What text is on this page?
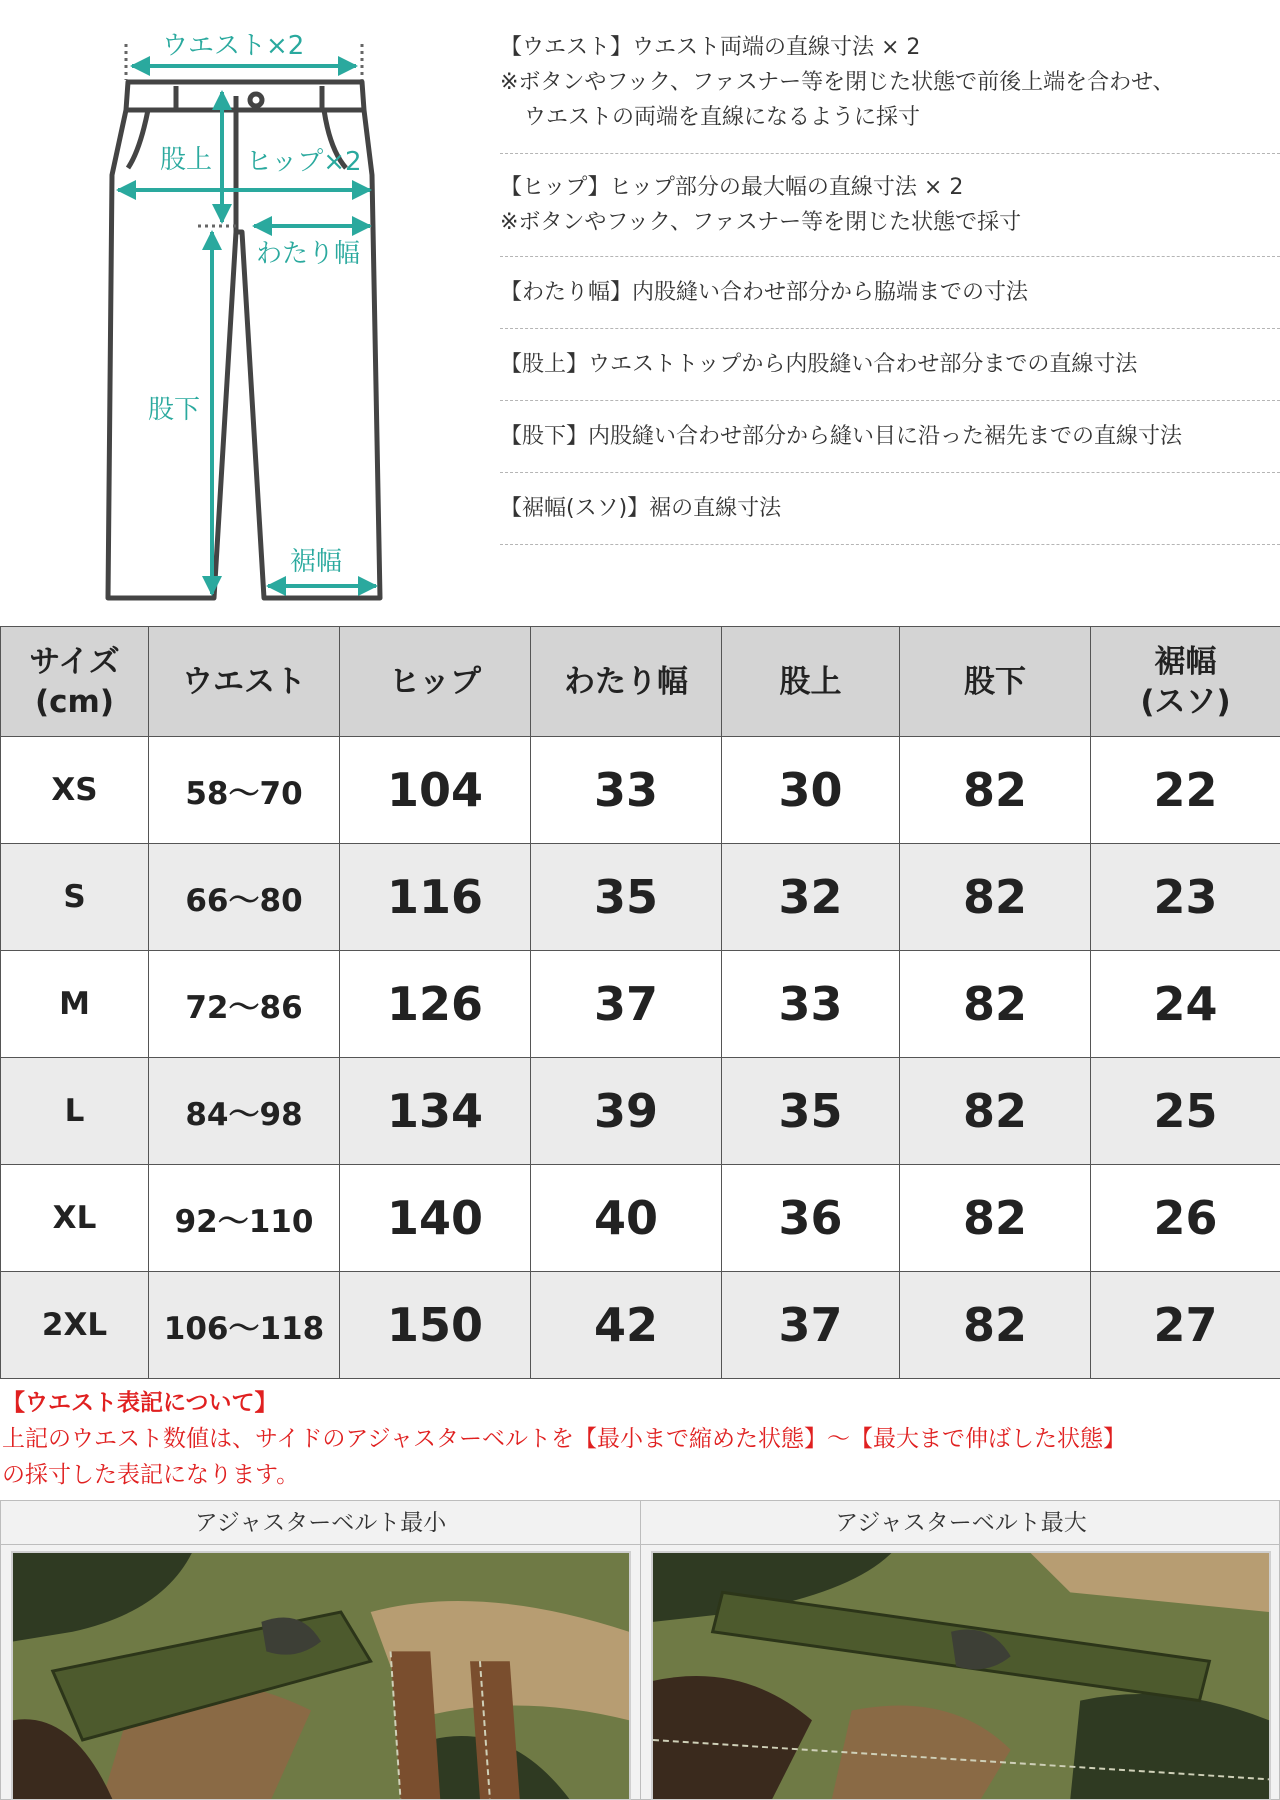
ウエスト×2
股上 ヒップ×2
わたり幅
股下
裾幅
【ウエスト】ウエスト両端の直線寸法 × 2
※ボタンやフック、ファスナー等を閉じた状態で前後上端を合わせ、
ウエストの両端を直線になるように採寸
【ヒップ】ヒップ部分の最大幅の直線寸法 × 2
※ボタンやフック、ファスナー等を閉じた状態で採寸
【わたり幅】内股縫い合わせ部分から脇端までの寸法
【股上】ウエストトップから内股縫い合わせ部分までの直線寸法
【股下】内股縫い合わせ部分から縫い目に沿った裾先までの直線寸法
【裾幅(スソ)】裾の直線寸法
サイズ
(cm)	ウエスト	ヒップ	わたり幅	股上	股下	裾幅
(スソ)
XS	58〜70	104	33	30	82	22
S	66〜80	116	35	32	82	23
M	72〜86	126	37	33	82	24
L	84〜98	134	39	35	82	25
XL	92〜110	140	40	36	82	26
2XL	106〜118	150	42	37	82	27
【ウエスト表記について】
上記のウエスト数値は、サイドのアジャスターベルトを【最小まで縮めた状態】〜【最大まで伸ばした状態】
の採寸した表記になります。
アジャスターベルト最小	アジャスターベルト最大
